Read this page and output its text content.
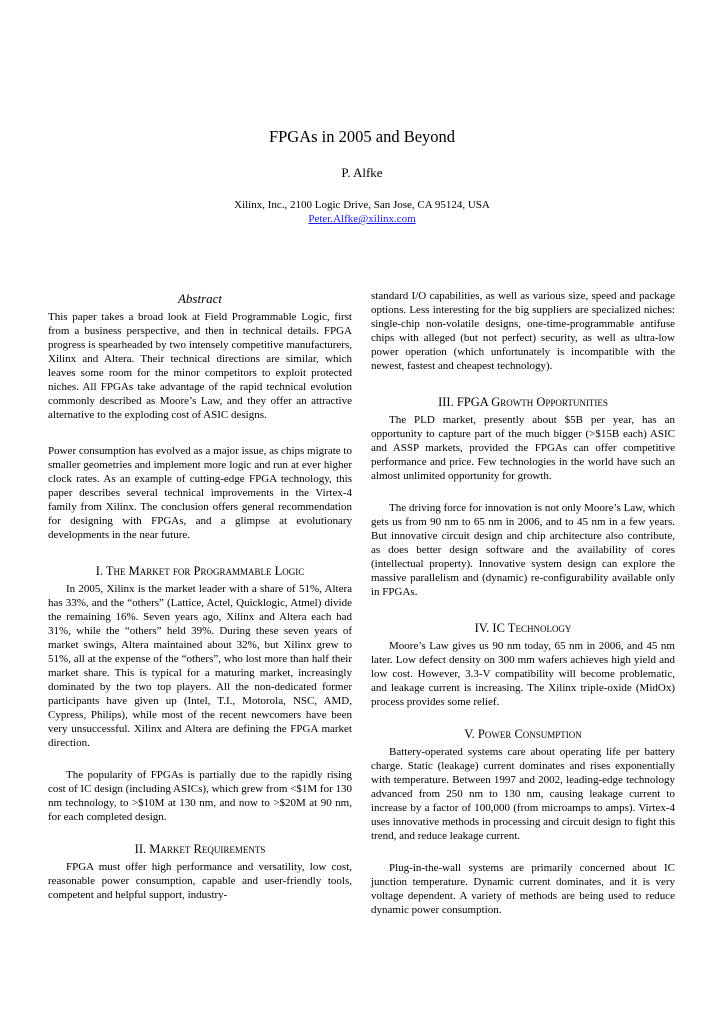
FPGAs in 2005 and Beyond
P. Alfke
Xilinx, Inc., 2100 Logic Drive, San Jose, CA 95124, USA
Peter.Alfke@xilinx.com
Abstract

This paper takes a broad look at Field Programmable Logic, first from a business perspective, and then in technical details. FPGA progress is spearheaded by two intensely competitive manufacturers, Xilinx and Altera. Their technical directions are similar, which leaves some room for the minor competitors to exploit protected niches. All FPGAs take advantage of the rapid technical evolution commonly described as Moore’s Law, and they offer an attractive alternative to the exploding cost of ASIC designs.

Power consumption has evolved as a major issue, as chips migrate to smaller geometries and implement more logic and run at ever higher clock rates. As an example of cutting-edge FPGA technology, this paper describes several technical improvements in the Virtex-4 family from Xilinx. The conclusion offers general recommendation for designing with FPGAs, and a glimpse at evolutionary developments in the near future.

I. The Market for Programmable Logic

In 2005, Xilinx is the market leader with a share of 51%, Altera has 33%, and the “others” (Lattice, Actel, Quicklogic, Atmel) divide the remaining 16%. Seven years ago, Xilinx and Altera each had 31%, while the “others” held 39%. During these seven years of market swings, Altera maintained about 32%, but Xilinx grew to 51%, all at the expense of the “others”, who lost more than half their market share. This is typical for a maturing market, increasingly dominated by the two top players. All the non-dedicated former participants have given up (Intel, T.I., Motorola, NSC, AMD, Cypress, Philips), while most of the recent newcomers have been very unsuccessful. Xilinx and Altera are defining the FPGA market direction.

The popularity of FPGAs is partially due to the rapidly rising cost of IC design (including ASICs), which grew from <$1M for 130 nm technology, to >$10M at 130 nm, and now to >$20M at 90 nm, for each completed design.

II. Market Requirements

FPGA must offer high performance and versatility, low cost, reasonable power consumption, capable and user-friendly tools, competent and helpful support, industry-

standard I/O capabilities, as well as various size, speed and package options. Less interesting for the big suppliers are specialized niches: single-chip non-volatile designs, one-time-programmable antifuse chips with alleged (but not perfect) security, as well as ultra-low power operation (which unfortunately is incompatible with the newest, fastest and cheapest technology).

III. FPGA Growth Opportunities

The PLD market, presently about $5B per year, has an opportunity to capture part of the much bigger (>$15B each) ASIC and ASSP markets, provided the FPGAs can offer competitive performance and price. Few technologies in the world have such an almost unlimited opportunity for growth.

The driving force for innovation is not only Moore’s Law, which gets us from 90 nm to 65 nm in 2006, and to 45 nm in a few years. But innovative circuit design and chip architecture also contribute, as does better design software and the availability of cores (intellectual property). Innovative system design can explore the massive parallelism and (dynamic) re-configurability available only in FPGAs.

IV. IC Technology

Moore’s Law gives us 90 nm today, 65 nm in 2006, and 45 nm later. Low defect density on 300 mm wafers achieves high yield and low cost. However, 3.3-V compatibility will become problematic, and leakage current is increasing. The Xilinx triple-oxide (MidOx) process provides some relief.

V. Power Consumption

Battery-operated systems care about operating life per battery charge. Static (leakage) current dominates and rises exponentially with temperature. Between 1997 and 2002, leading-edge technology advanced from 250 nm to 130 nm, causing leakage current to increase by a factor of 100,000 (from microamps to amps). Virtex-4 uses innovative methods in processing and circuit design to fight this trend, and reduce leakage current.

Plug-in-the-wall systems are primarily concerned about IC junction temperature. Dynamic current dominates, and it is very voltage dependent. A variety of methods are being used to reduce dynamic power consumption.
